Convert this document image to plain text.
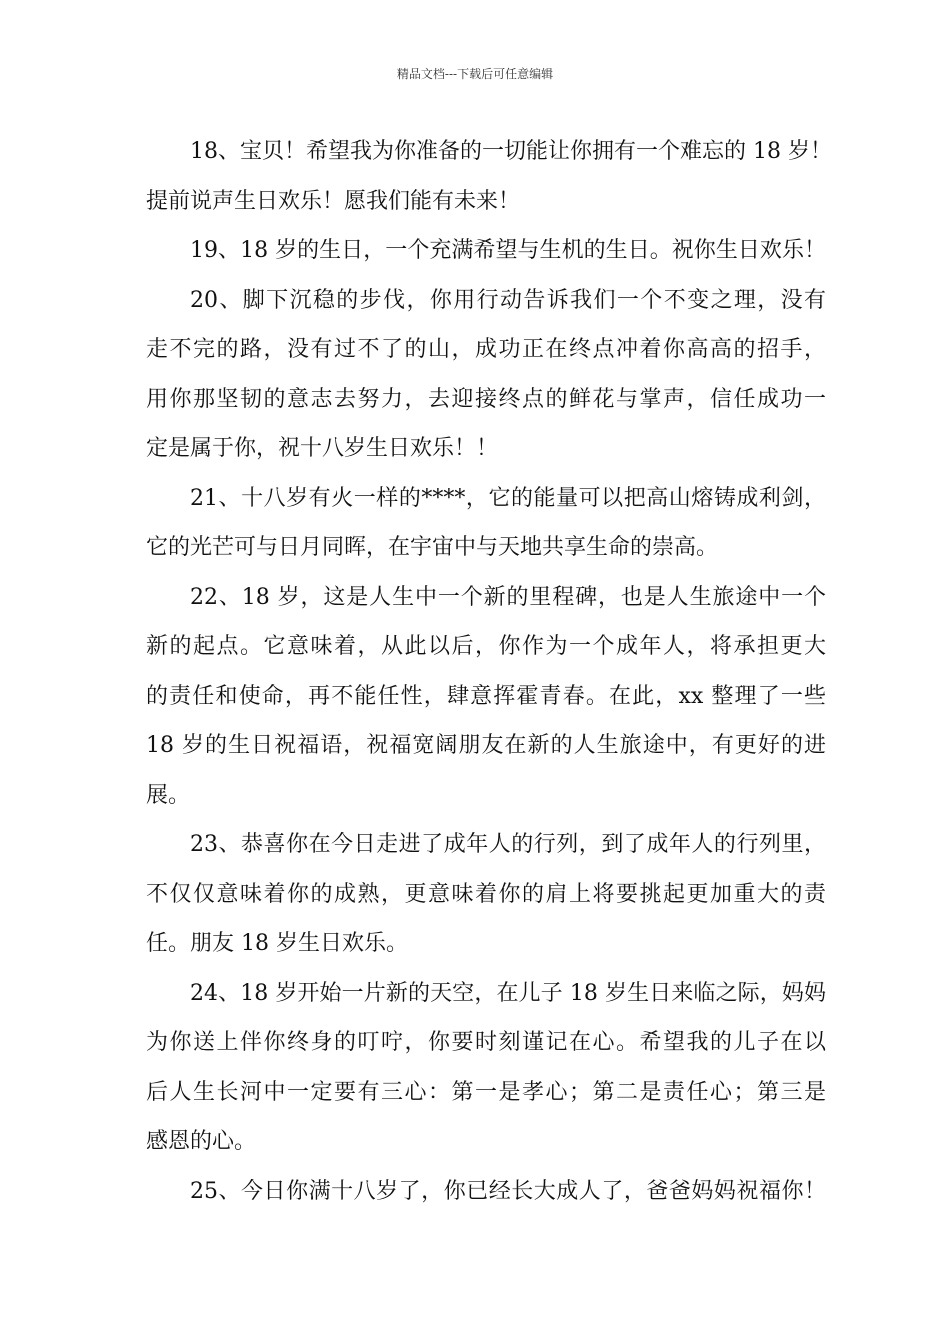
精品文档---下载后可任意编辑
18、宝贝！希望我为你准备的一切能让你拥有一个难忘的 18 岁！
提前说声生日欢乐！愿我们能有未来！
19、18 岁的生日，一个充满希望与生机的生日。祝你生日欢乐！
20、脚下沉稳的步伐，你用行动告诉我们一个不变之理，没有
走不完的路，没有过不了的山，成功正在终点冲着你高高的招手，
用你那坚韧的意志去努力，去迎接终点的鲜花与掌声，信任成功一
定是属于你，祝十八岁生日欢乐！！
21、十八岁有火一样的****，它的能量可以把高山熔铸成利剑，
它的光芒可与日月同晖，在宇宙中与天地共享生命的崇高。
22、18 岁，这是人生中一个新的里程碑，也是人生旅途中一个
新的起点。它意味着，从此以后，你作为一个成年人，将承担更大
的责任和使命，再不能任性，肆意挥霍青春。在此，xx 整理了一些
18 岁的生日祝福语，祝福宽阔朋友在新的人生旅途中，有更好的进
展。
23、恭喜你在今日走进了成年人的行列，到了成年人的行列里，
不仅仅意味着你的成熟，更意味着你的肩上将要挑起更加重大的责
任。朋友 18 岁生日欢乐。
24、18 岁开始一片新的天空，在儿子 18 岁生日来临之际，妈妈
为你送上伴你终身的叮咛，你要时刻谨记在心。希望我的儿子在以
后人生长河中一定要有三心：第一是孝心；第二是责任心；第三是
感恩的心。
25、今日你满十八岁了，你已经长大成人了，爸爸妈妈祝福你！
